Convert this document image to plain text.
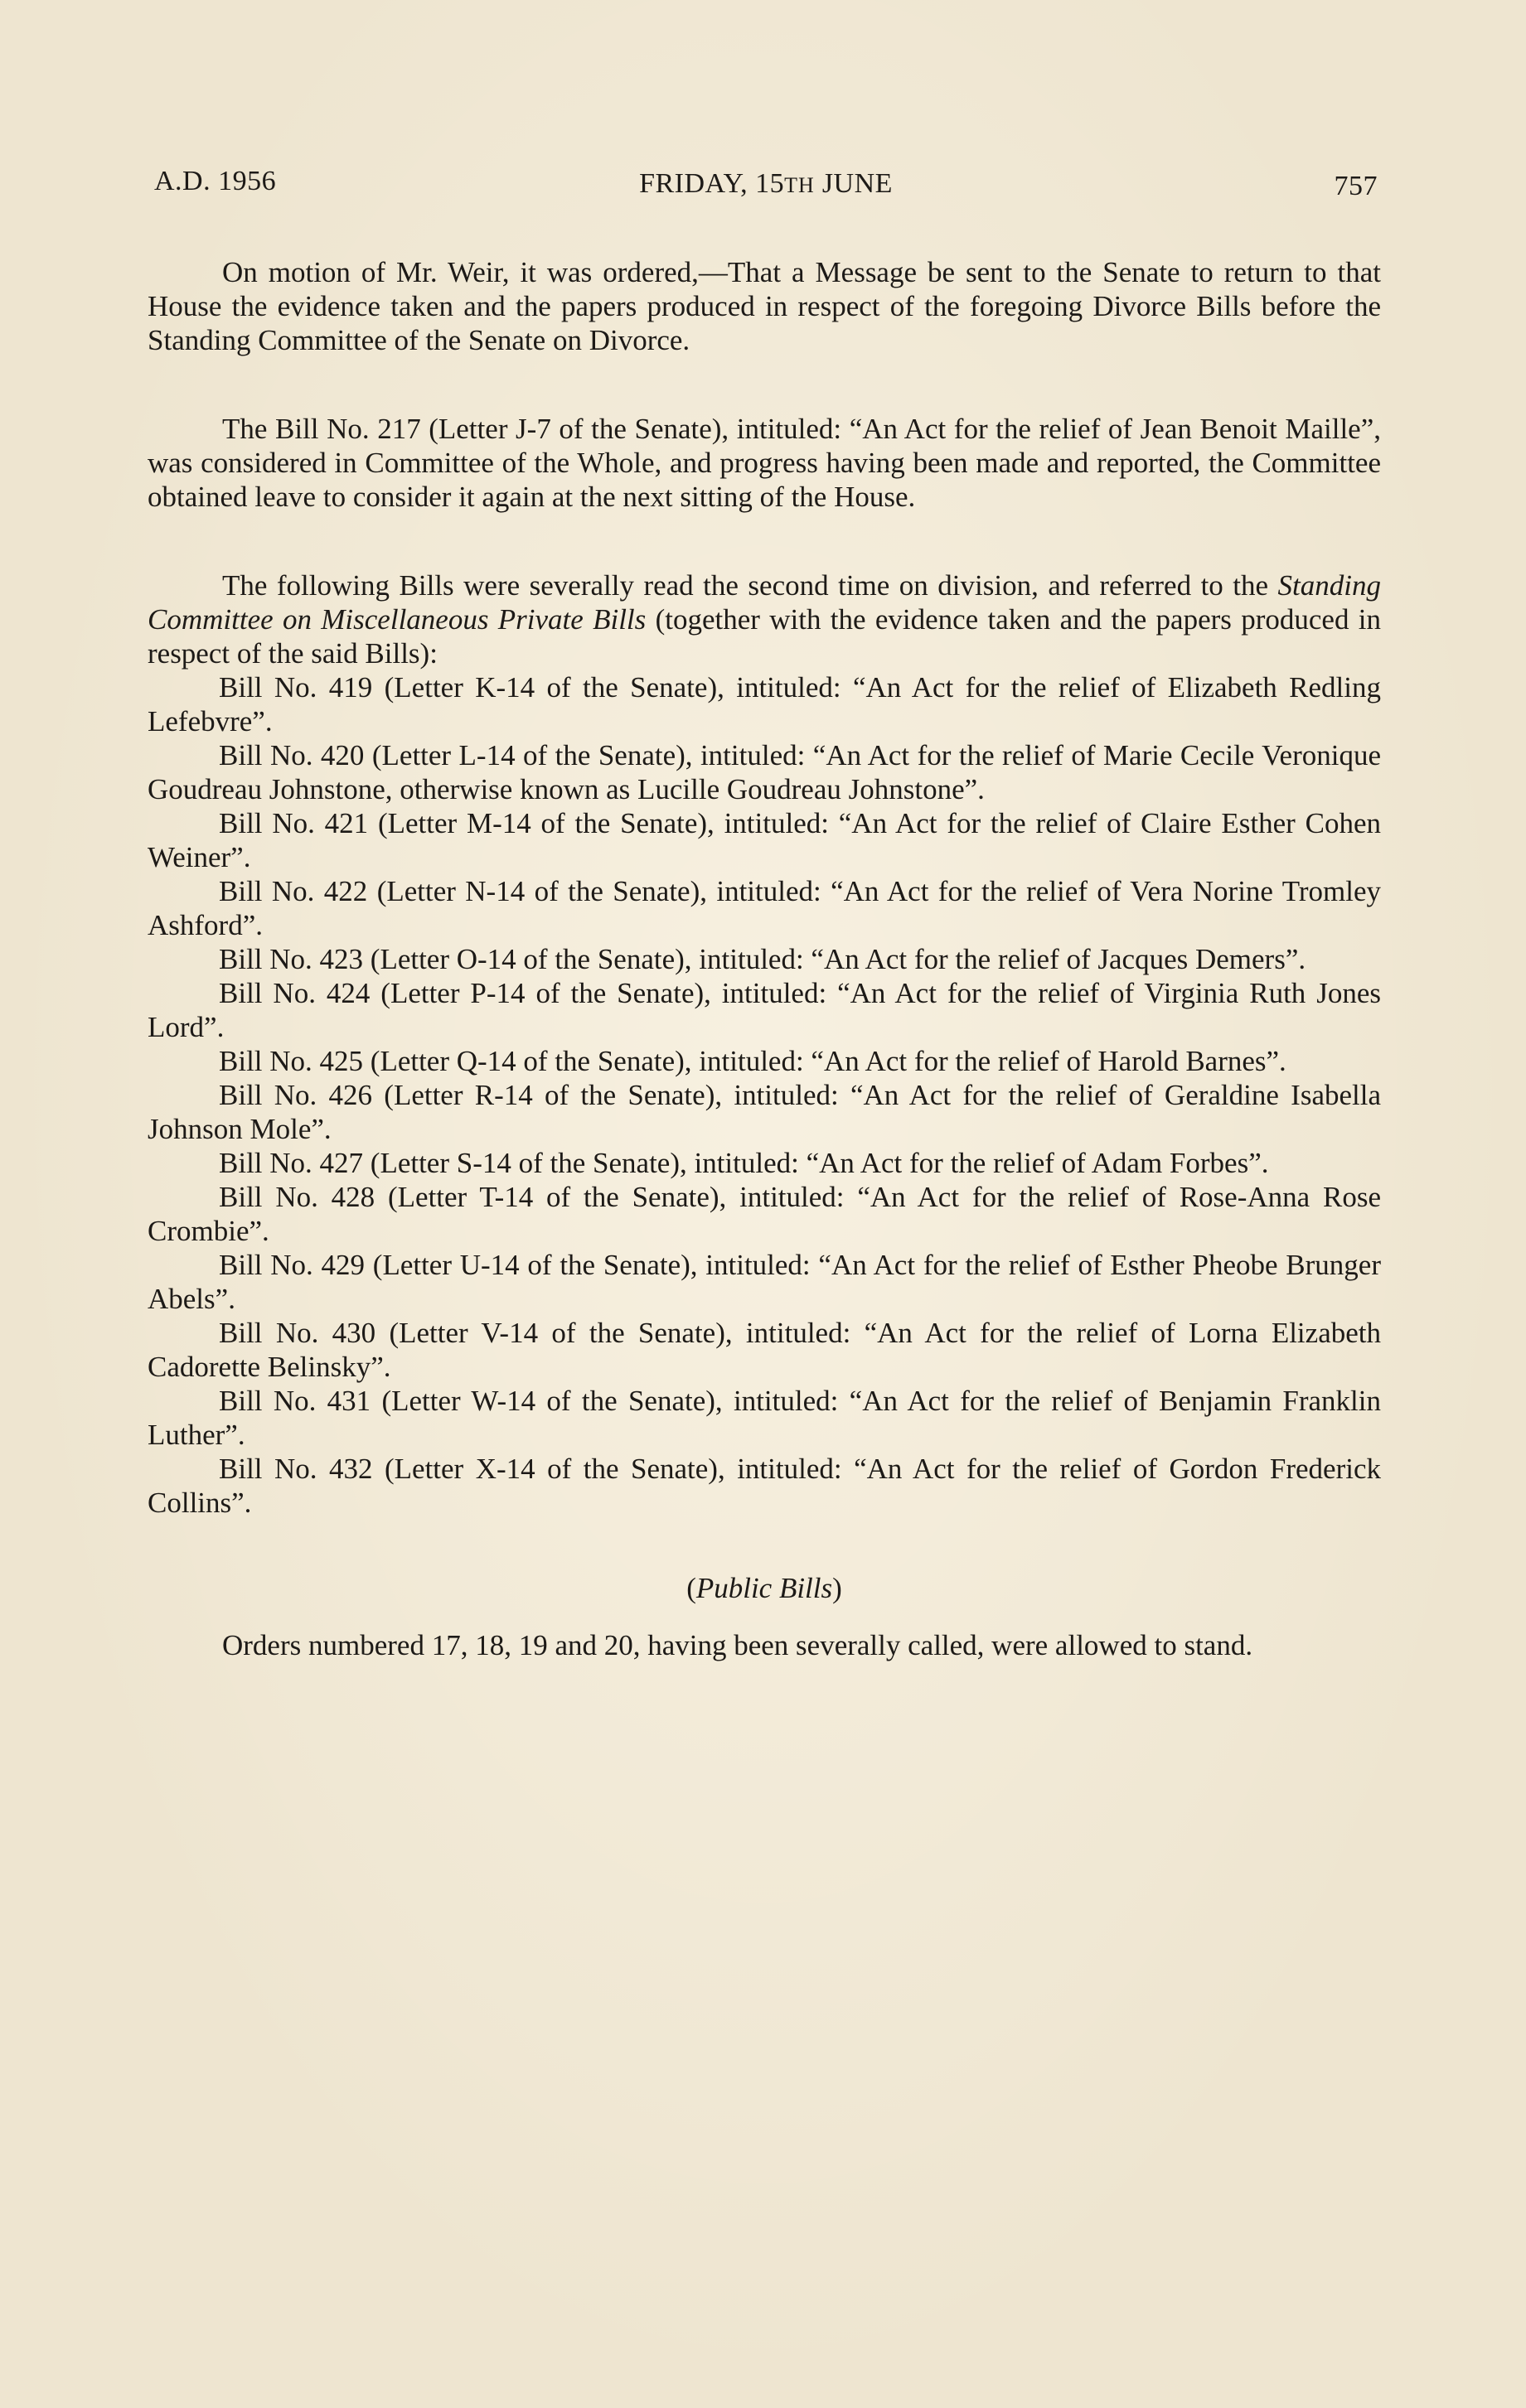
A.D. 1956	FRIDAY, 15TH JUNE	757

On motion of Mr. Weir, it was ordered,—That a Message be sent to the Senate to return to that House the evidence taken and the papers produced in respect of the foregoing Divorce Bills before the Standing Committee of the Senate on Divorce.

The Bill No. 217 (Letter J-7 of the Senate), intituled: “An Act for the relief of Jean Benoit Maille”, was considered in Committee of the Whole, and progress having been made and reported, the Committee obtained leave to consider it again at the next sitting of the House.

The following Bills were severally read the second time on division, and referred to the Standing Committee on Miscellaneous Private Bills (together with the evidence taken and the papers produced in respect of the said Bills):

Bill No. 419 (Letter K-14 of the Senate), intituled: “An Act for the relief of Elizabeth Redling Lefebvre”.

Bill No. 420 (Letter L-14 of the Senate), intituled: “An Act for the relief of Marie Cecile Veronique Goudreau Johnstone, otherwise known as Lucille Goudreau Johnstone”.

Bill No. 421 (Letter M-14 of the Senate), intituled: “An Act for the relief of Claire Esther Cohen Weiner”.

Bill No. 422 (Letter N-14 of the Senate), intituled: “An Act for the relief of Vera Norine Tromley Ashford”.

Bill No. 423 (Letter O-14 of the Senate), intituled: “An Act for the relief of Jacques Demers”.

Bill No. 424 (Letter P-14 of the Senate), intituled: “An Act for the relief of Virginia Ruth Jones Lord”.

Bill No. 425 (Letter Q-14 of the Senate), intituled: “An Act for the relief of Harold Barnes”.

Bill No. 426 (Letter R-14 of the Senate), intituled: “An Act for the relief of Geraldine Isabella Johnson Mole”.

Bill No. 427 (Letter S-14 of the Senate), intituled: “An Act for the relief of Adam Forbes”.

Bill No. 428 (Letter T-14 of the Senate), intituled: “An Act for the relief of Rose-Anna Rose Crombie”.

Bill No. 429 (Letter U-14 of the Senate), intituled: “An Act for the relief of Esther Pheobe Brunger Abels”.

Bill No. 430 (Letter V-14 of the Senate), intituled: “An Act for the relief of Lorna Elizabeth Cadorette Belinsky”.

Bill No. 431 (Letter W-14 of the Senate), intituled: “An Act for the relief of Benjamin Franklin Luther”.

Bill No. 432 (Letter X-14 of the Senate), intituled: “An Act for the relief of Gordon Frederick Collins”.

(Public Bills)

Orders numbered 17, 18, 19 and 20, having been severally called, were allowed to stand.
